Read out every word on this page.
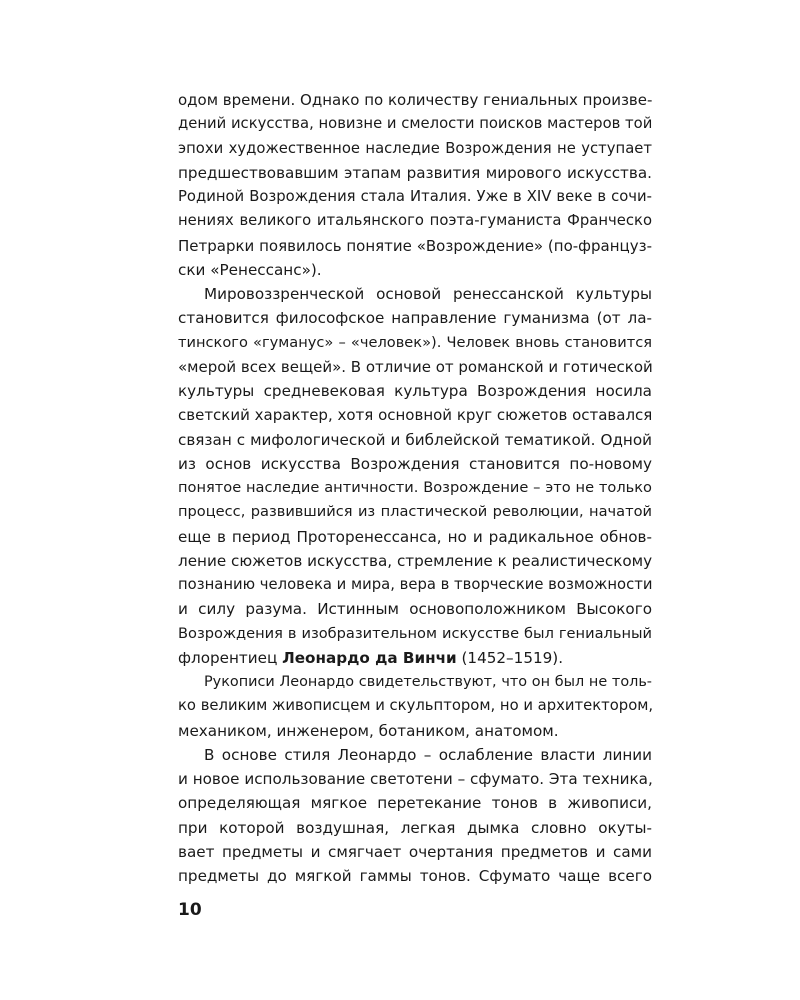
одом времени. Однако по количеству гениальных произве-
дений искусства, новизне и смелости поисков мастеров той
эпохи художественное наследие Возрождения не уступает
предшествовавшим этапам развития мирового искусства.
Родиной Возрождения стала Италия. Уже в XIV веке в сочи-
нениях великого итальянского поэта-гуманиста Франческо
Петрарки появилось понятие «Возрождение» (по-француз-
ски «Ренессанс»).
Мировоззренческой основой ренессанской культуры
становится философское направление гуманизма (от ла-
тинского «гуманус» – «человек»). Человек вновь становится
«мерой всех вещей». В отличие от романской и готической
культуры средневековая культура Возрождения носила
светский характер, хотя основной круг сюжетов оставался
связан с мифологической и библейской тематикой. Одной
из основ искусства Возрождения становится по-новому
понятое наследие античности. Возрождение – это не только
процесс, развившийся из пластической революции, начатой
еще в период Проторенессанса, но и радикальное обнов-
ление сюжетов искусства, стремление к реалистическому
познанию человека и мира, вера в творческие возможности
и силу разума. Истинным основоположником Высокого
Возрождения в изобразительном искусстве был гениальный
флорентиец Леонардо да Винчи (1452–1519).
Рукописи Леонардо свидетельствуют, что он был не толь-
ко великим живописцем и скульптором, но и архитектором,
механиком, инженером, ботаником, анатомом.
В основе стиля Леонардо – ослабление власти линии
и новое использование светотени – сфумато. Эта техника,
определяющая мягкое перетекание тонов в живописи,
при которой воздушная, легкая дымка словно окуты-
вает предметы и смягчает очертания предметов и сами
предметы до мягкой гаммы тонов. Сфумато чаще всего
10
